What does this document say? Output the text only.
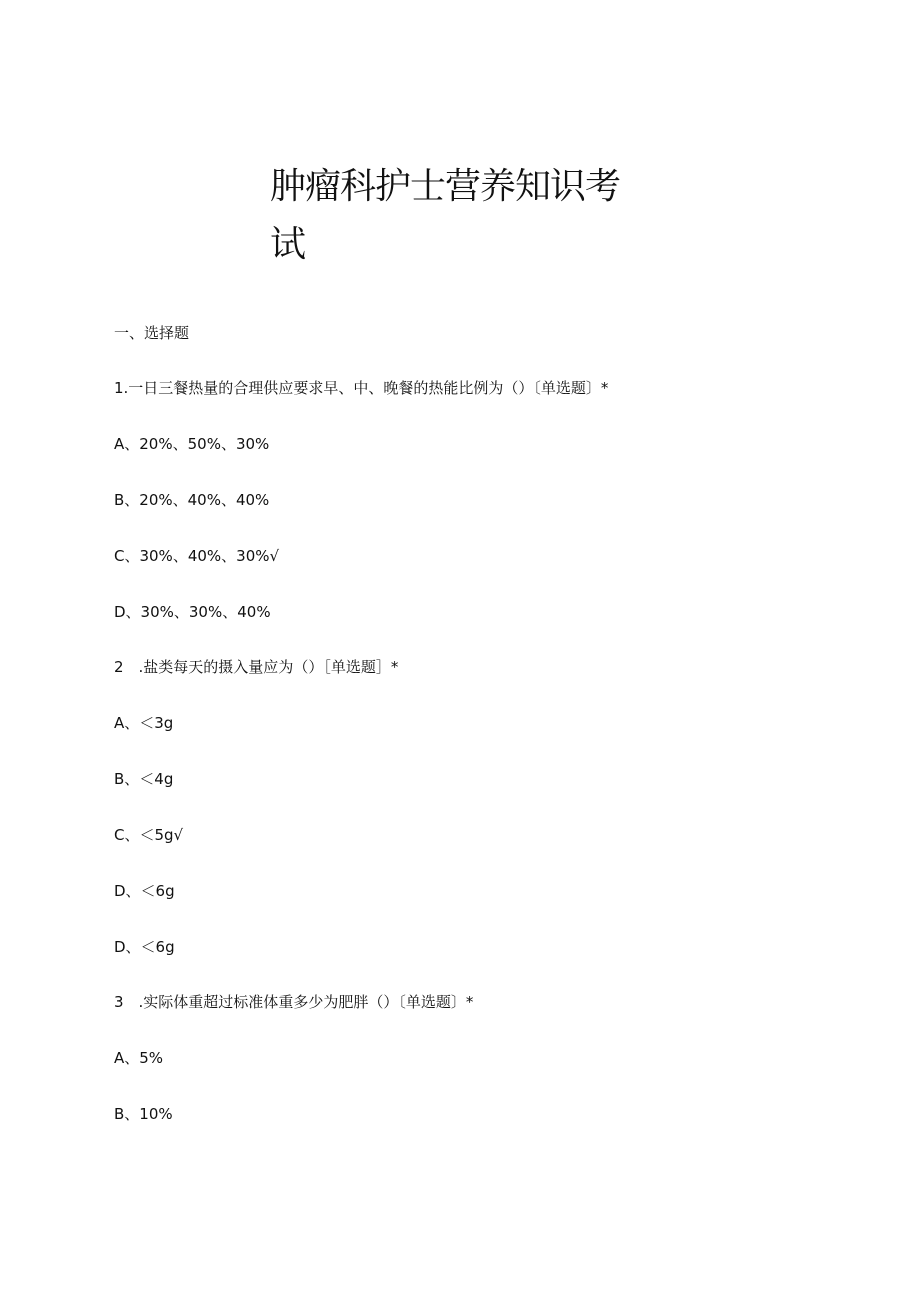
肿瘤科护士营养知识考
试
一、选择题
1.一日三餐热量的合理供应要求早、中、晚餐的热能比例为（）〔单选题〕*
A、20%、50%、30%
B、20%、40%、40%
C、30%、40%、30%√
D、30%、30%、40%
2　.盐类每天的摄入量应为（）［单选题］*
A、＜3g
B、＜4g
C、＜5g√
D、＜6g
D、＜6g
3　.实际体重超过标准体重多少为肥胖（）〔单选题〕*
A、5%
B、10%
